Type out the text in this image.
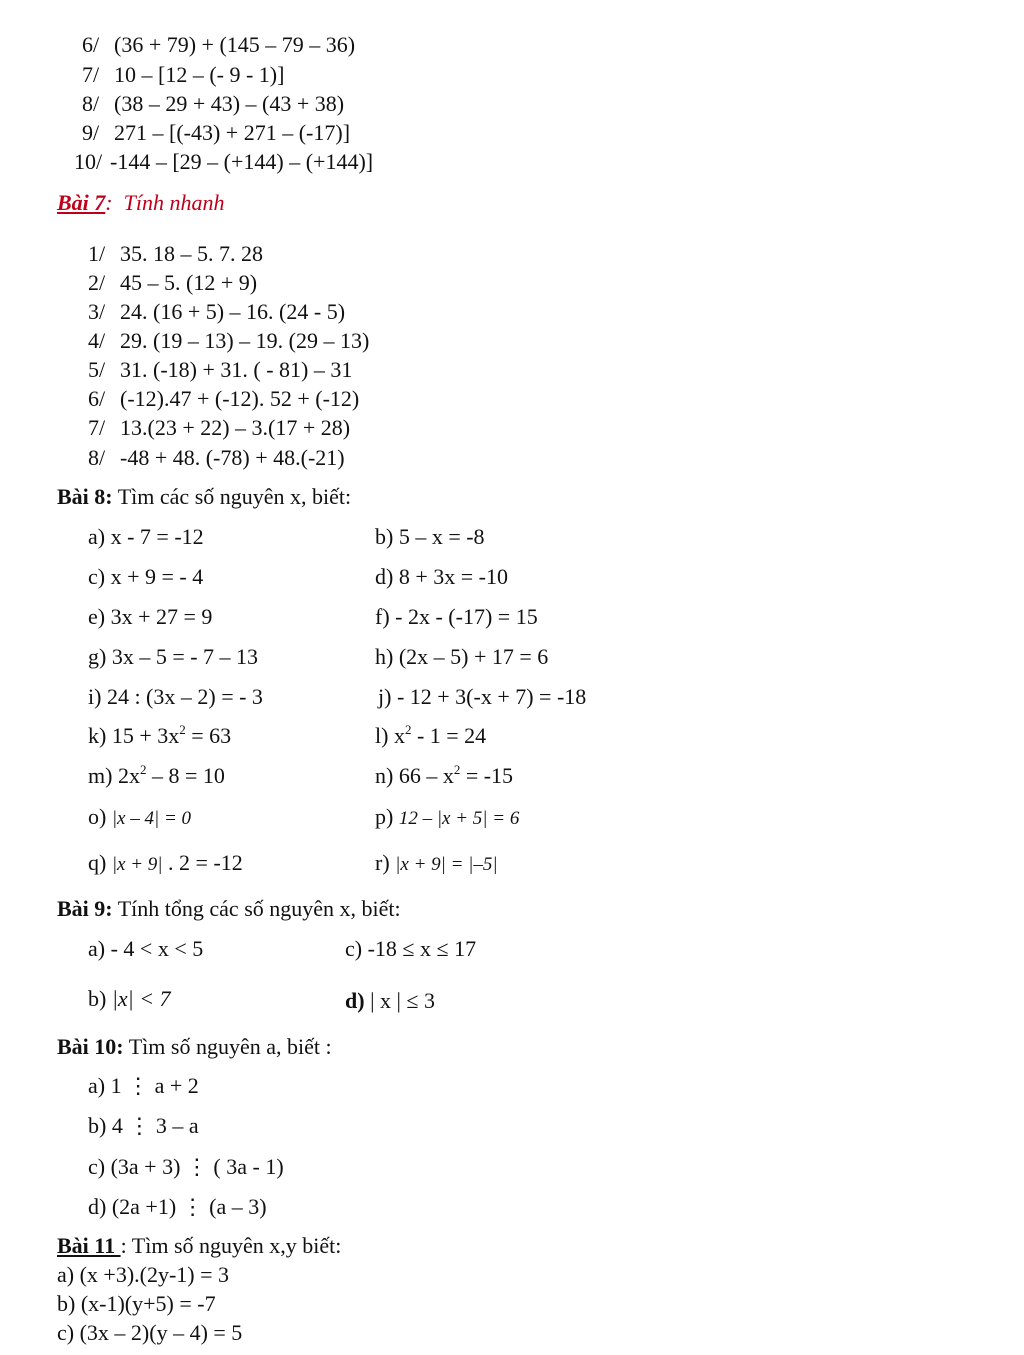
6/ (36 + 79) + (145 – 79 – 36)
7/ 10 – [12 – (- 9 - 1)]
8/ (38 – 29 + 43) – (43 + 38)
9/ 271 – [(-43) + 271 – (-17)]
10/ -144 – [29 – (+144) – (+144)]
Bài 7: Tính nhanh
1/ 35. 18 – 5. 7. 28
2/ 45 – 5. (12 + 9)
3/ 24. (16 + 5) – 16. (24 - 5)
4/ 29. (19 – 13) – 19. (29 – 13)
5/ 31. (-18) + 31. ( - 81) – 31
6/ (-12).47 + (-12). 52 + (-12)
7/ 13.(23 + 22) – 3.(17 + 28)
8/ -48 + 48. (-78) + 48.(-21)
Bài 8: Tìm các số nguyên x, biết:
a) x - 7 = -12	b) 5 – x = -8
c) x + 9 = - 4	d) 8 + 3x = -10
e) 3x + 27 = 9	f) - 2x - (-17) = 15
g) 3x – 5 = - 7 – 13	h) (2x – 5) + 17 = 6
i) 24 : (3x – 2) = - 3	j) - 12 + 3(-x + 7) = -18
k) $15 + 3x^2 = 63$	l) $x^2 - 1 = 24$
m) $2x^2 - 8 = 10$	n) $66 - x^2 = -15$
o) |x – 4| = 0	p) 12 – |x + 5| = 6
q) |x + 9| . 2 = -12	r) |x + 9| = |–5|
Bài 9: Tính tổng các số nguyên x, biết:
a) - 4 < x < 5	c) -18 ≤ x ≤ 17
b) |x| < 7	d) | x | ≤ 3
Bài 10: Tìm số nguyên a, biết :
a) 1 ⋮ a + 2
b) 4 ⋮ 3 – a
c) (3a + 3) ⋮ ( 3a - 1)
d) (2a +1) ⋮ (a – 3)
Bài 11 : Tìm số nguyên x,y biết:
a) (x +3).(2y-1) = 3
b) (x-1)(y+5) = -7
c) (3x – 2)(y – 4) = 5
